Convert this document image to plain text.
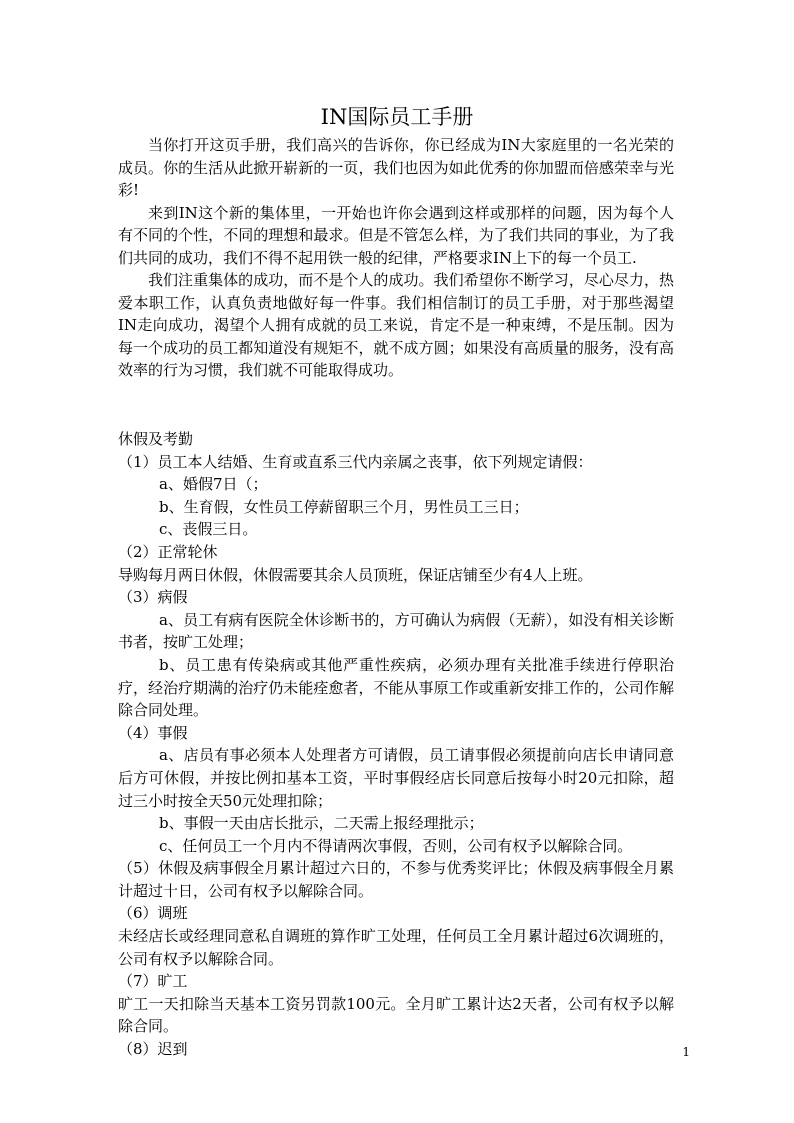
IN国际员工手册

当你打开这页手册，我们高兴的告诉你，你已经成为IN大家庭里的一名光荣的成员。你的生活从此掀开崭新的一页，我们也因为如此优秀的你加盟而倍感荣幸与光彩!

来到IN这个新的集体里，一开始也许你会遇到这样或那样的问题，因为每个人有不同的个性，不同的理想和最求。但是不管怎么样，为了我们共同的事业，为了我们共同的成功，我们不得不起用铁一般的纪律，严格要求IN上下的每一个员工.

我们注重集体的成功，而不是个人的成功。我们希望你不断学习，尽心尽力，热爱本职工作，认真负责地做好每一件事。我们相信制订的员工手册，对于那些渴望IN走向成功，渴望个人拥有成就的员工来说，肯定不是一种束缚，不是压制。因为每一个成功的员工都知道没有规矩不，就不成方圆；如果没有高质量的服务，没有高效率的行为习惯，我们就不可能取得成功。

休假及考勤

（1）员工本人结婚、生育或直系三代内亲属之丧事，依下列规定请假：

a、婚假7日（；

b、生育假，女性员工停薪留职三个月，男性员工三日；

c、丧假三日。

（2）正常轮休

导购每月两日休假，休假需要其余人员顶班，保证店铺至少有4人上班。

（3）病假

a、员工有病有医院全休诊断书的，方可确认为病假（无薪），如没有相关诊断书者，按旷工处理；

b、员工患有传染病或其他严重性疾病，必须办理有关批准手续进行停职治疗，经治疗期满的治疗仍未能痊愈者，不能从事原工作或重新安排工作的，公司作解除合同处理。

（4）事假

a、店员有事必须本人处理者方可请假，员工请事假必须提前向店长申请同意后方可休假，并按比例扣基本工资，平时事假经店长同意后按每小时20元扣除，超过三小时按全天50元处理扣除；

b、事假一天由店长批示，二天需上报经理批示；

c、任何员工一个月内不得请两次事假，否则，公司有权予以解除合同。

（5）休假及病事假全月累计超过六日的，不参与优秀奖评比；休假及病事假全月累计超过十日，公司有权予以解除合同。

（6）调班

未经店长或经理同意私自调班的算作旷工处理，任何员工全月累计超过6次调班的，公司有权予以解除合同。

（7）旷工

旷工一天扣除当天基本工资另罚款100元。全月旷工累计达2天者，公司有权予以解除合同。

（8）迟到	1
